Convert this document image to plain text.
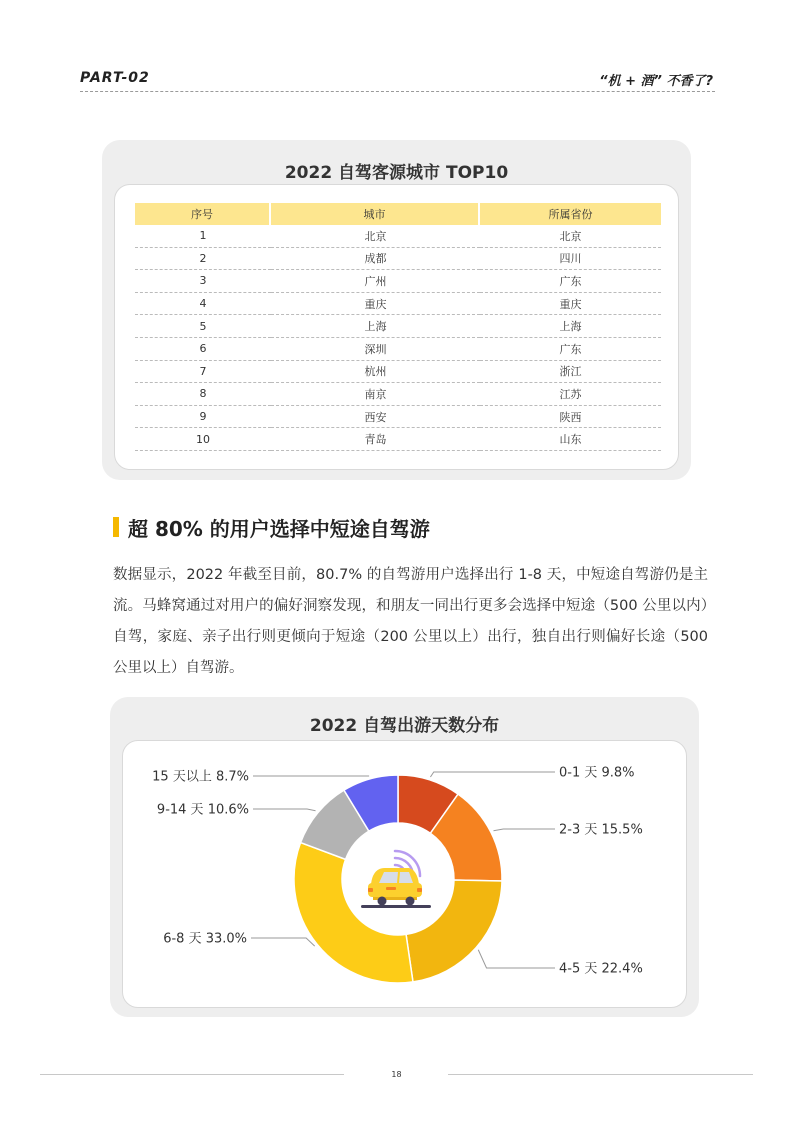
PART-02	“机 + 酒” 不香了?
2022 自驾客源城市 TOP10
序号	城市	所属省份
1	北京	北京
2	成都	四川
3	广州	广东
4	重庆	重庆
5	上海	上海
6	深圳	广东
7	杭州	浙江
8	南京	江苏
9	西安	陕西
10	青岛	山东
超 80% 的用户选择中短途自驾游

数据显示，2022 年截至目前，80.7% 的自驾游用户选择出行 1-8 天，中短途自驾游仍是主流。马蜂窝通过对用户的偏好洞察发现，和朋友一同出行更多会选择中短途（500 公里以内）自驾，家庭、亲子出行则更倾向于短途（200 公里以上）出行，独自出行则偏好长途（500 公里以上）自驾游。

2022 自驾出游天数分布
0-1 天 9.8%
2-3 天 15.5%
4-5 天 22.4%
6-8 天 33.0%
9-14 天 10.6%
15 天以上 8.7%
18
